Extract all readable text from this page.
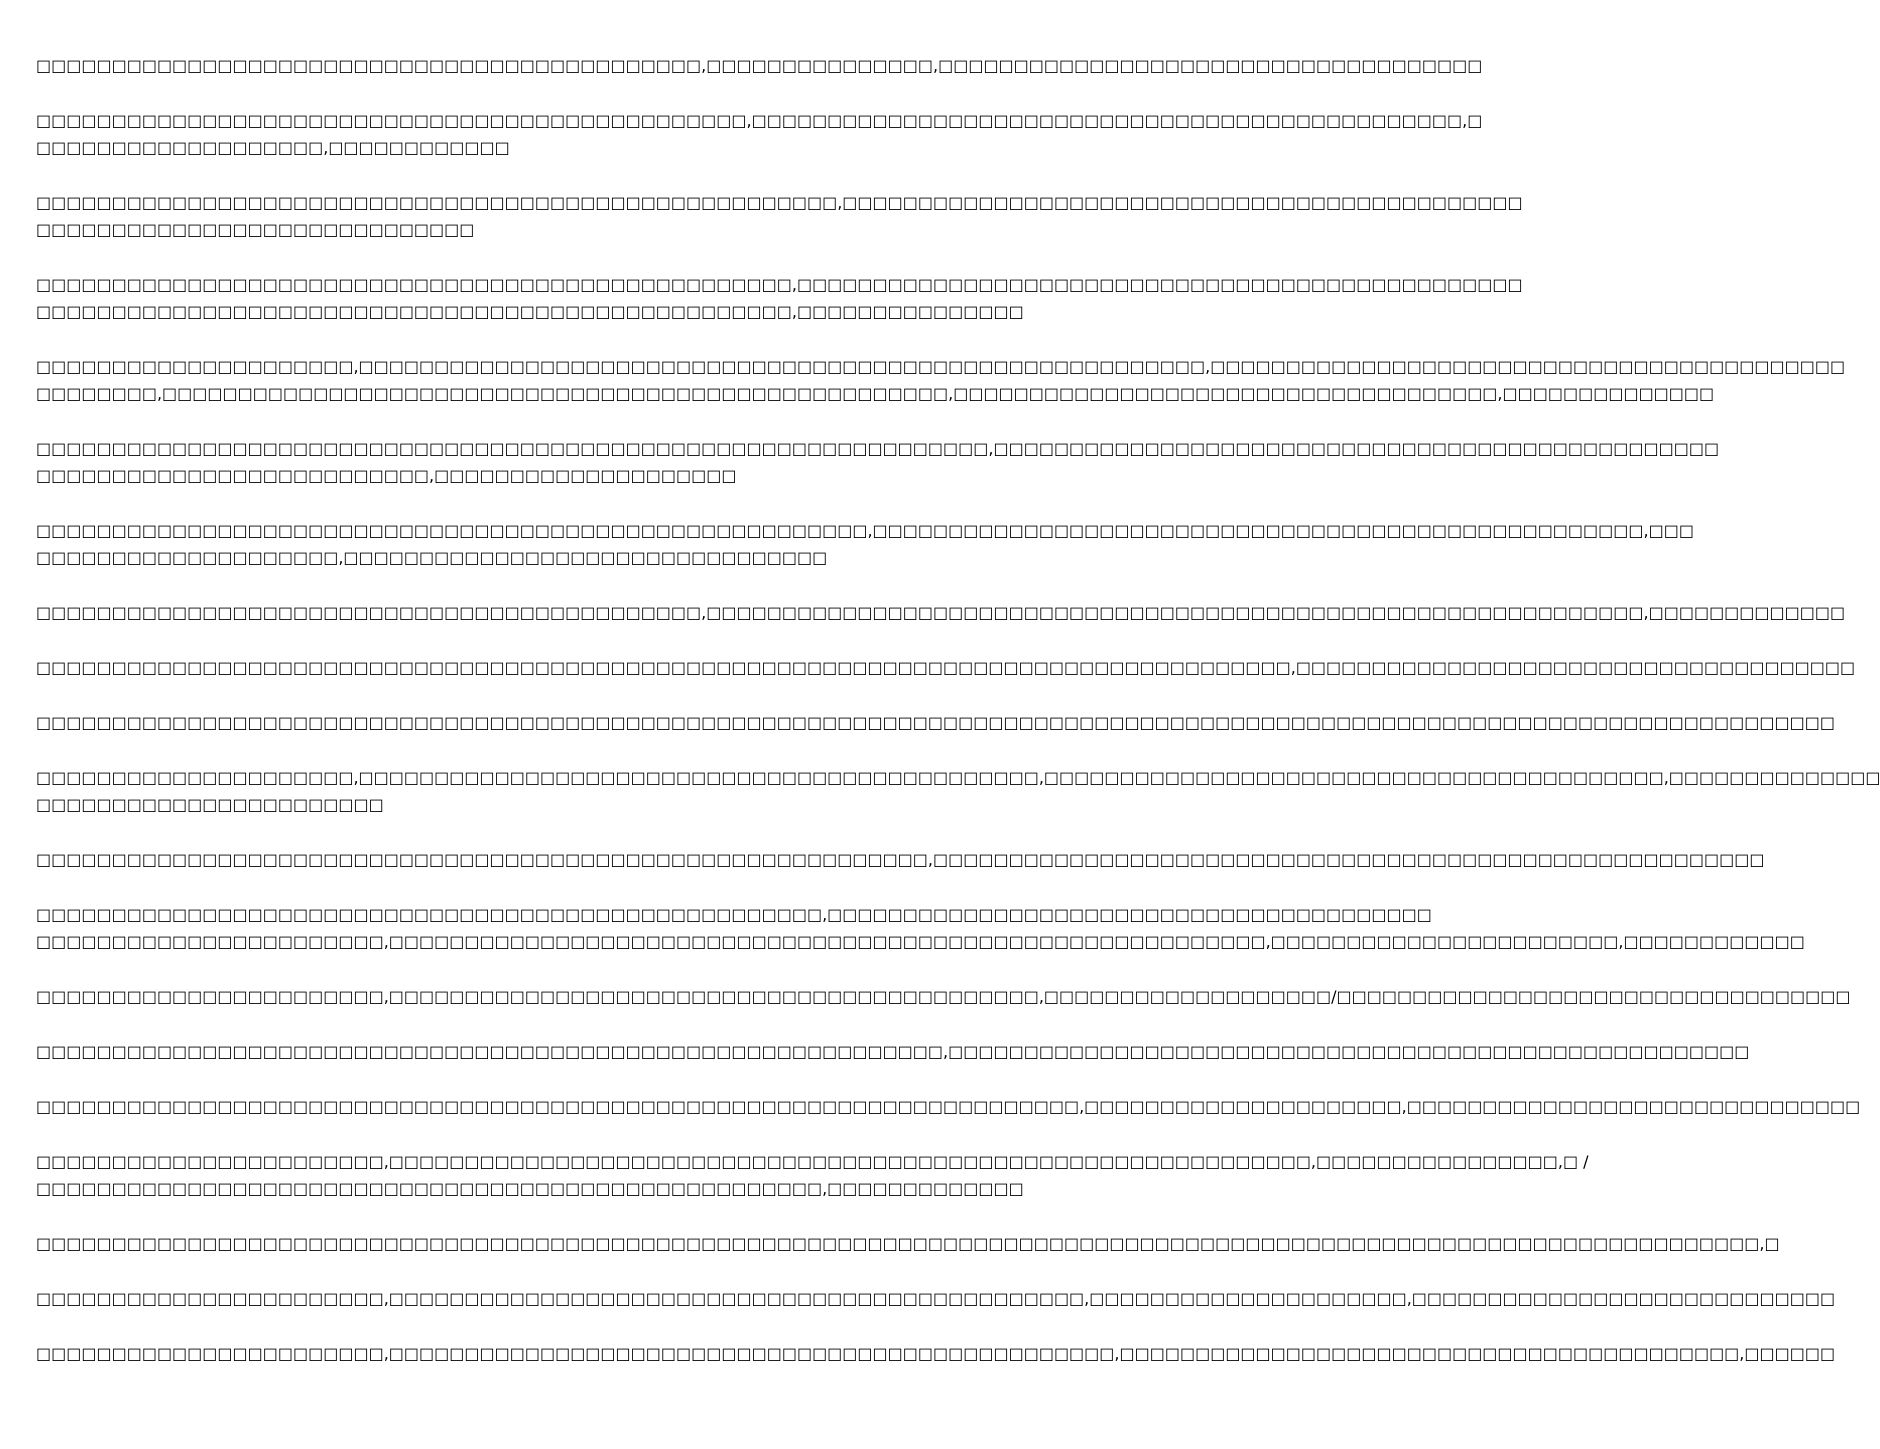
□□□□□□□□□□□□□□□□□□□□□□□□□□□□□□□□□□□□□□□□□□□□,□□□□□□□□□□□□□□□,□□□□□□□□□□□□□□□□□□□□□□□□□□□□□□□□□□□□

□□□□□□□□□□□□□□□□□□□□□□□□□□□□□□□□□□□□□□□□□□□□□□□,□□□□□□□□□□□□□□□□□□□□□□□□□□□□□□□□□□□□□□□□□□□□□□□,□
□□□□□□□□□□□□□□□□□□□,□□□□□□□□□□□□

□□□□□□□□□□□□□□□□□□□□□□□□□□□□□□□□□□□□□□□□□□□□□□□□□□□□□,□□□□□□□□□□□□□□□□□□□□□□□□□□□□□□□□□□□□□□□□□□□□□
□□□□□□□□□□□□□□□□□□□□□□□□□□□□□

□□□□□□□□□□□□□□□□□□□□□□□□□□□□□□□□□□□□□□□□□□□□□□□□□□,□□□□□□□□□□□□□□□□□□□□□□□□□□□□□□□□□□□□□□□□□□□□□□□□
□□□□□□□□□□□□□□□□□□□□□□□□□□□□□□□□□□□□□□□□□□□□□□□□□□,□□□□□□□□□□□□□□□

□□□□□□□□□□□□□□□□□□□□□,□□□□□□□□□□□□□□□□□□□□□□□□□□□□□□□□□□□□□□□□□□□□□□□□□□□□□□□□,□□□□□□□□□□□□□□□□□□□□□□□□□□□□□□□□□□□□□□□□□□
□□□□□□□□,□□□□□□□□□□□□□□□□□□□□□□□□□□□□□□□□□□□□□□□□□□□□□□□□□□□□,□□□□□□□□□□□□□□□□□□□□□□□□□□□□□□□□□□□□,□□□□□□□□□□□□□□

□□□□□□□□□□□□□□□□□□□□□□□□□□□□□□□□□□□□□□□□□□□□□□□□□□□□□□□□□□□□□□□,□□□□□□□□□□□□□□□□□□□□□□□□□□□□□□□□□□□□□□□□□□□□□□□□
□□□□□□□□□□□□□□□□□□□□□□□□□□,□□□□□□□□□□□□□□□□□□□□

□□□□□□□□□□□□□□□□□□□□□□□□□□□□□□□□□□□□□□□□□□□□□□□□□□□□□□□,□□□□□□□□□□□□□□□□□□□□□□□□□□□□□□□□□□□□□□□□□□□□□□□□□□□,□□□
□□□□□□□□□□□□□□□□□□□□,□□□□□□□□□□□□□□□□□□□□□□□□□□□□□□□□

□□□□□□□□□□□□□□□□□□□□□□□□□□□□□□□□□□□□□□□□□□□□,□□□□□□□□□□□□□□□□□□□□□□□□□□□□□□□□□□□□□□□□□□□□□□□□□□□□□□□□□□□□□□,□□□□□□□□□□□□□

□□□□□□□□□□□□□□□□□□□□□□□□□□□□□□□□□□□□□□□□□□□□□□□□□□□□□□□□□□□□□□□□□□□□□□□□□□□□□□□□□□□,□□□□□□□□□□□□□□□□□□□□□□□□□□□□□□□□□□□□□

□□□□□□□□□□□□□□□□□□□□□□□□□□□□□□□□□□□□□□□□□□□□□□□□□□□□□□□□□□□□□□□□□□□□□□□□□□□□□□□□□□□□□□□□□□□□□□□□□□□□□□□□□□□□□□□□□□□□□□□

□□□□□□□□□□□□□□□□□□□□□,□□□□□□□□□□□□□□□□□□□□□□□□□□□□□□□□□□□□□□□□□□□□□,□□□□□□□□□□□□□□□□□□□□□□□□□□□□□□□□□□□□□□□□□,□□□□□□□□□□□□□□
□□□□□□□□□□□□□□□□□□□□□□□

□□□□□□□□□□□□□□□□□□□□□□□□□□□□□□□□□□□□□□□□□□□□□□□□□□□□□□□□□□□,□□□□□□□□□□□□□□□□□□□□□□□□□□□□□□□□□□□□□□□□□□□□□□□□□□□□□□□

□□□□□□□□□□□□□□□□□□□□□□□□□□□□□□□□□□□□□□□□□□□□□□□□□□□□,□□□□□□□□□□□□□□□□□□□□□□□□□□□□□□□□□□□□□□□□
□□□□□□□□□□□□□□□□□□□□□□□,□□□□□□□□□□□□□□□□□□□□□□□□□□□□□□□□□□□□□□□□□□□□□□□□□□□□□□□□□□,□□□□□□□□□□□□□□□□□□□□□□□,□□□□□□□□□□□□

□□□□□□□□□□□□□□□□□□□□□□□,□□□□□□□□□□□□□□□□□□□□□□□□□□□□□□□□□□□□□□□□□□□,□□□□□□□□□□□□□□□□□□□/□□□□□□□□□□□□□□□□□□□□□□□□□□□□□□□□□□

□□□□□□□□□□□□□□□□□□□□□□□□□□□□□□□□□□□□□□□□□□□□□□□□□□□□□□□□□□□□,□□□□□□□□□□□□□□□□□□□□□□□□□□□□□□□□□□□□□□□□□□□□□□□□□□□□□

□□□□□□□□□□□□□□□□□□□□□□□□□□□□□□□□□□□□□□□□□□□□□□□□□□□□□□□□□□□□□□□□□□□□□,□□□□□□□□□□□□□□□□□□□□□,□□□□□□□□□□□□□□□□□□□□□□□□□□□□□□

□□□□□□□□□□□□□□□□□□□□□□□,□□□□□□□□□□□□□□□□□□□□□□□□□□□□□□□□□□□□□□□□□□□□□□□□□□□□□□□□□□□□□,□□□□□□□□□□□□□□□□,□ /
□□□□□□□□□□□□□□□□□□□□□□□□□□□□□□□□□□□□□□□□□□□□□□□□□□□□,□□□□□□□□□□□□□

□□□□□□□□□□□□□□□□□□□□□□□□□□□□□□□□□□□□□□□□□□□□□□□□□□□□□□□□□□□□□□□□□□□□□□□□□□□□□□□□□□□□□□□□□□□□□□□□□□□□□□□□□□□□□□□□□□,□

□□□□□□□□□□□□□□□□□□□□□□□,□□□□□□□□□□□□□□□□□□□□□□□□□□□□□□□□□□□□□□□□□□□□□□,□□□□□□□□□□□□□□□□□□□□□,□□□□□□□□□□□□□□□□□□□□□□□□□□□□

□□□□□□□□□□□□□□□□□□□□□□□,□□□□□□□□□□□□□□□□□□□□□□□□□□□□□□□□□□□□□□□□□□□□□□□□,□□□□□□□□□□□□□□□□□□□□□□□□□□□□□□□□□□□□□□□□□,□□□□□□
